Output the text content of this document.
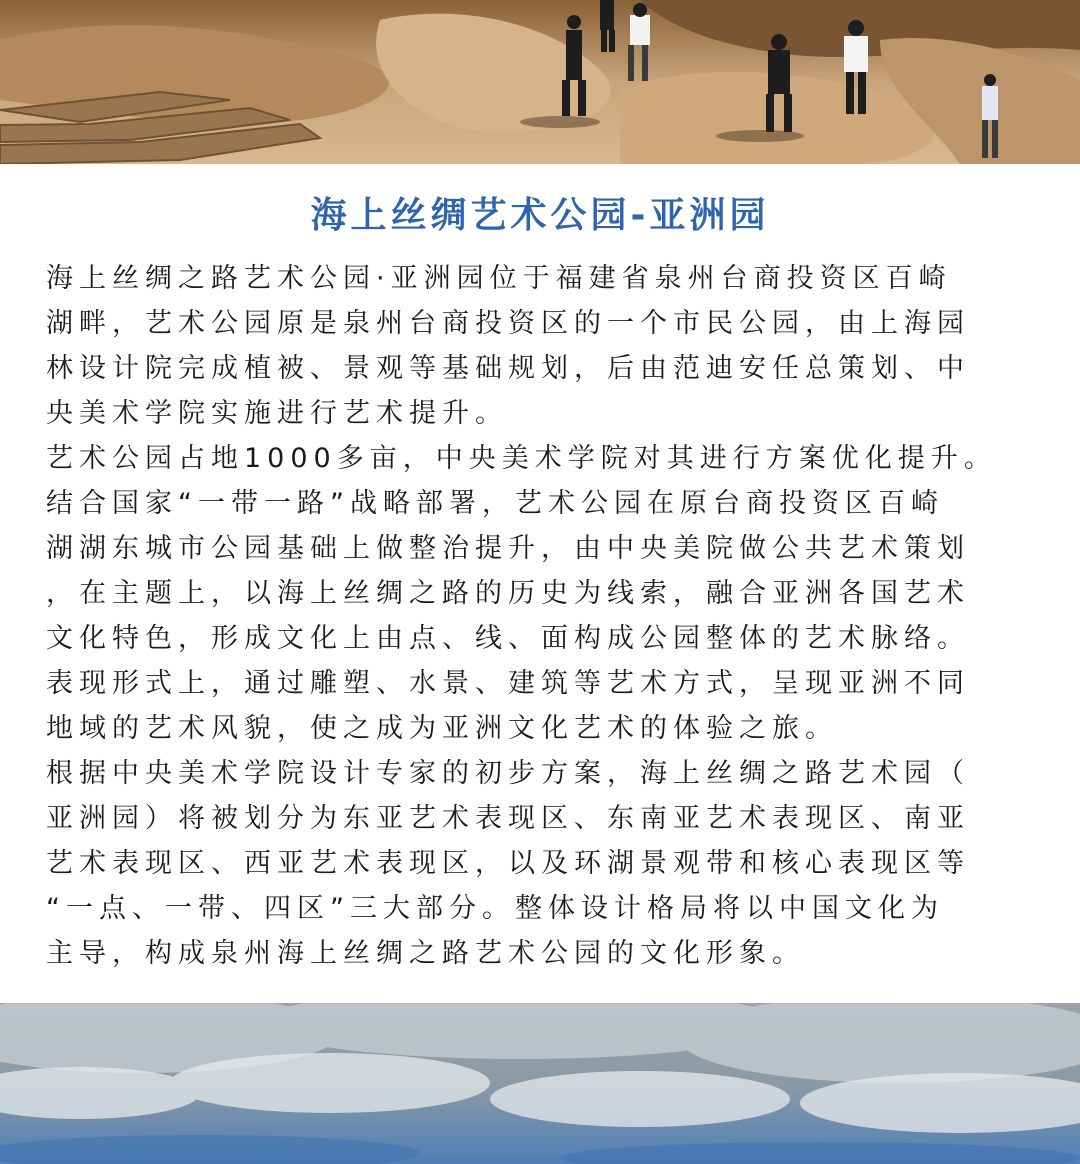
海上丝绸艺术公园-亚洲园
海上丝绸之路艺术公园·亚洲园位于福建省泉州台商投资区百崎
湖畔，艺术公园原是泉州台商投资区的一个市民公园，由上海园
林设计院完成植被、景观等基础规划，后由范迪安任总策划、中
央美术学院实施进行艺术提升。
艺术公园占地1000多亩，中央美术学院对其进行方案优化提升。
结合国家“一带一路”战略部署，艺术公园在原台商投资区百崎
湖湖东城市公园基础上做整治提升，由中央美院做公共艺术策划
，在主题上，以海上丝绸之路的历史为线索，融合亚洲各国艺术
文化特色，形成文化上由点、线、面构成公园整体的艺术脉络。
表现形式上，通过雕塑、水景、建筑等艺术方式，呈现亚洲不同
地域的艺术风貌，使之成为亚洲文化艺术的体验之旅。
根据中央美术学院设计专家的初步方案，海上丝绸之路艺术园（
亚洲园）将被划分为东亚艺术表现区、东南亚艺术表现区、南亚
艺术表现区、西亚艺术表现区，以及环湖景观带和核心表现区等
“一点、一带、四区”三大部分。整体设计格局将以中国文化为
主导，构成泉州海上丝绸之路艺术公园的文化形象。
